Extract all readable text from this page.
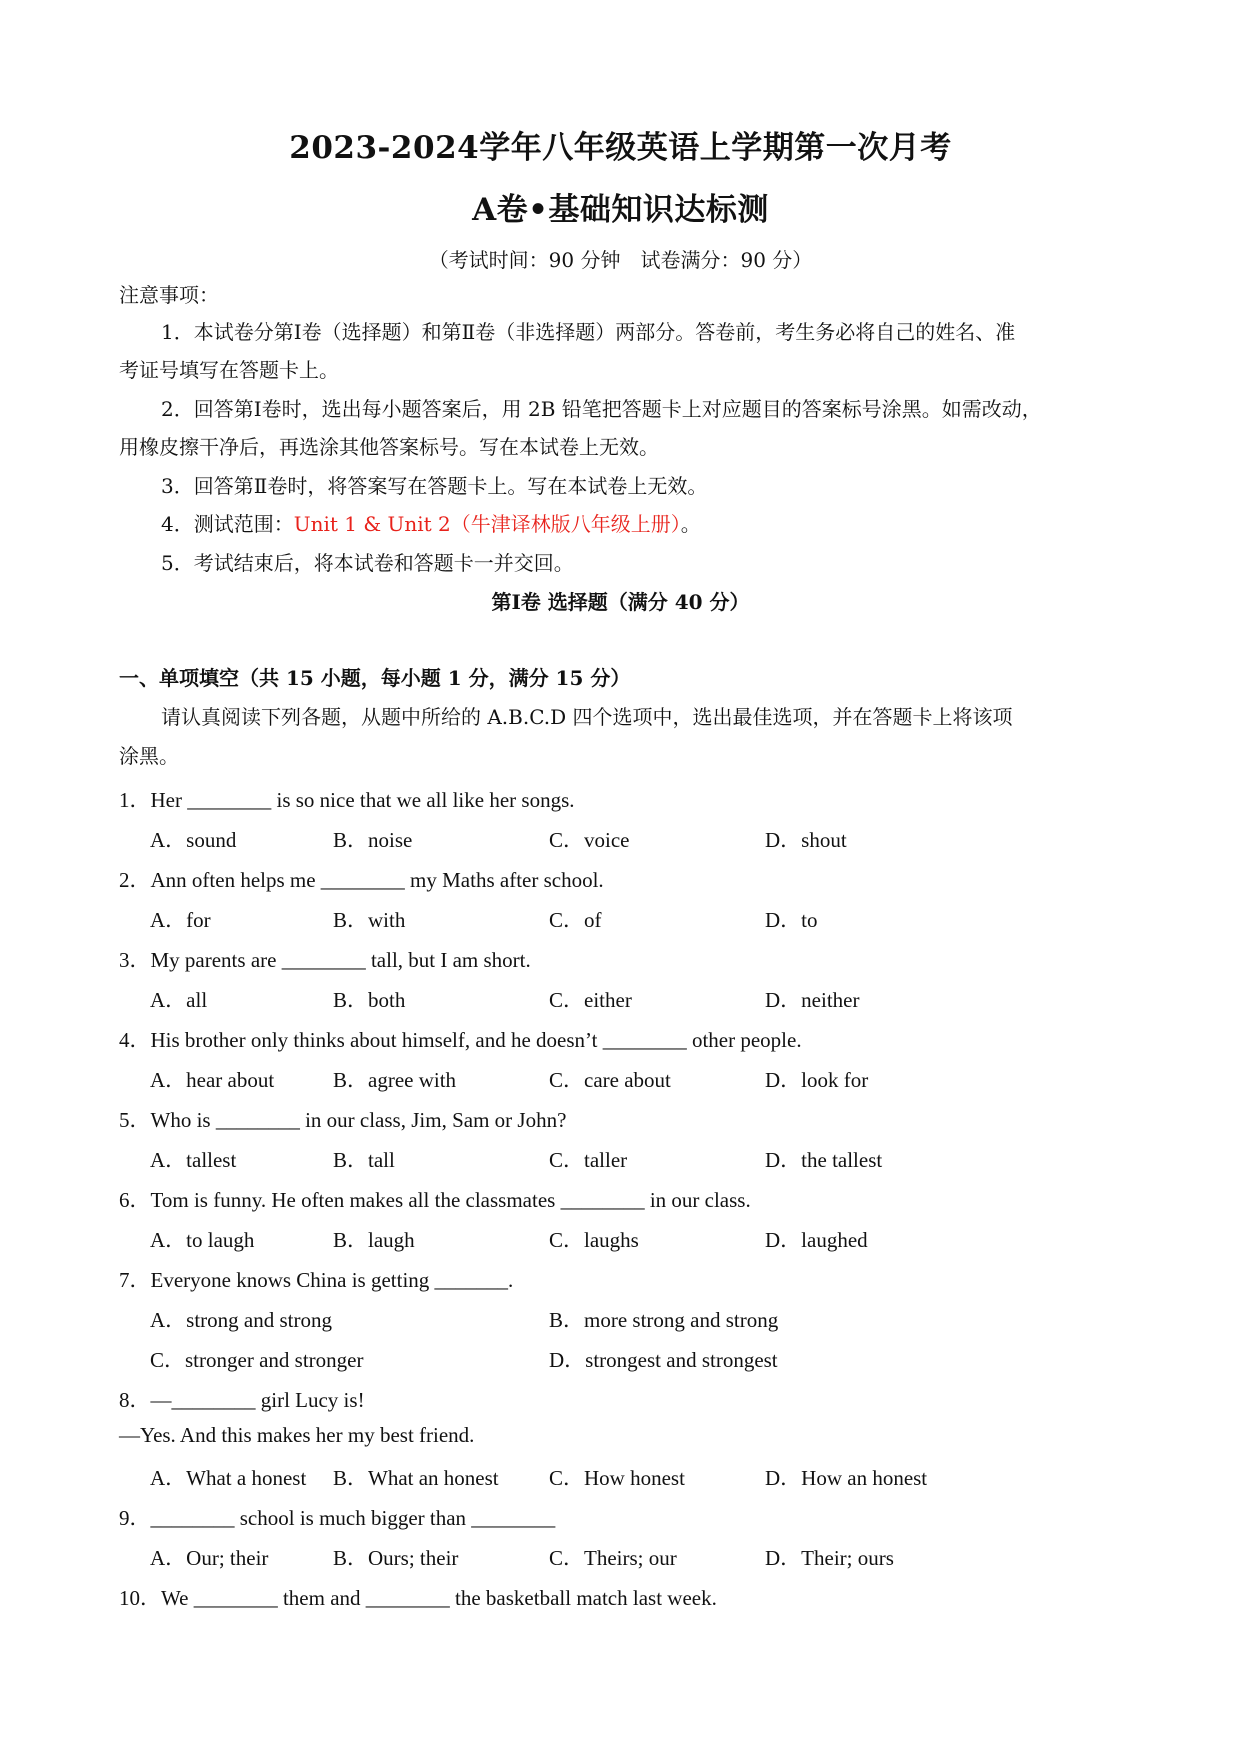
2023-2024学年八年级英语上学期第一次月考
A卷•基础知识达标测
（考试时间：90 分钟　试卷满分：90 分）
注意事项：
1．本试卷分第Ⅰ卷（选择题）和第Ⅱ卷（非选择题）两部分。答卷前，考生务必将自己的姓名、准
考证号填写在答题卡上。
2．回答第Ⅰ卷时，选出每小题答案后，用 2B 铅笔把答题卡上对应题目的答案标号涂黑。如需改动，
用橡皮擦干净后，再选涂其他答案标号。写在本试卷上无效。
3．回答第Ⅱ卷时，将答案写在答题卡上。写在本试卷上无效。
4．测试范围：Unit 1 & Unit 2（牛津译林版八年级上册）。
5．考试结束后，将本试卷和答题卡一并交回。
第Ⅰ卷 选择题（满分 40 分）
一、单项填空（共 15 小题，每小题 1 分，满分 15 分）
请认真阅读下列各题，从题中所给的 A.B.C.D 四个选项中，选出最佳选项，并在答题卡上将该项
涂黑。
1．Her ________ is so nice that we all like her songs.
A．sound	B．noise	C．voice	D．shout
2．Ann often helps me ________ my Maths after school.
A．for	B．with	C．of	D．to
3．My parents are ________ tall, but I am short.
A．all	B．both	C．either	D．neither
4．His brother only thinks about himself, and he doesn’t ________ other people.
A．hear about	B．agree with	C．care about	D．look for
5．Who is ________ in our class, Jim, Sam or John?
A．tallest	B．tall	C．taller	D．the tallest
6．Tom is funny. He often makes all the classmates ________ in our class.
A．to laugh	B．laugh	C．laughs	D．laughed
7．Everyone knows China is getting _______.
A．strong and strong	B．more strong and strong
C．stronger and stronger	D．strongest and strongest
8．—________ girl Lucy is!
—Yes. And this makes her my best friend.
A．What a honest B．What an honest C．How honest	D．How an honest
9．________ school is much bigger than ________
A．Our; their	B．Ours; their	C．Theirs; our	D．Their; ours
10．We ________ them and ________ the basketball match last week.
